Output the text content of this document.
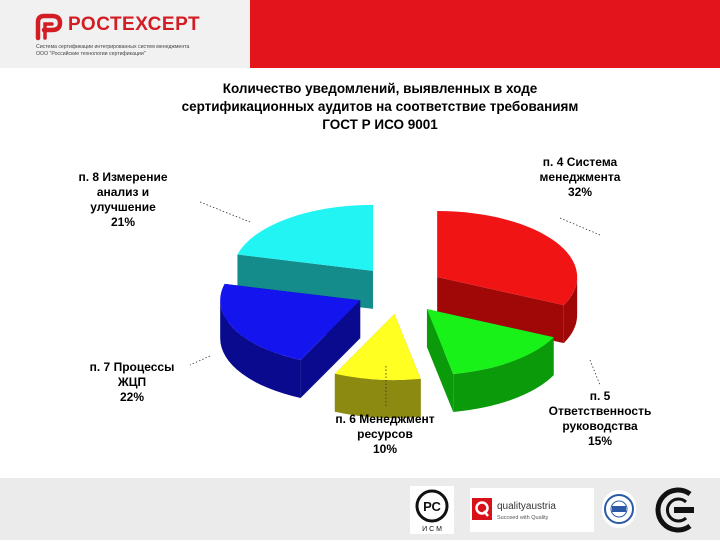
РОСТЕХСЕРТ
Система сертификации интегрированных систем менеджмента
ООО "Российские технологии сертификации"
Количество уведомлений, выявленных в ходе
сертификационных аудитов на соответствие требованиям
ГОСТ Р ИСО 9001
п. 4 Система
менеджмента
32%
п. 5
Ответственность
руководства
15%
п. 6 Менеджмент
ресурсов
10%
п. 7 Процессы
ЖЦП
22%
п. 8 Измерение
анализ и
улучшение
21%
РС
И С М
qualityaustria
Succeed with Quality
